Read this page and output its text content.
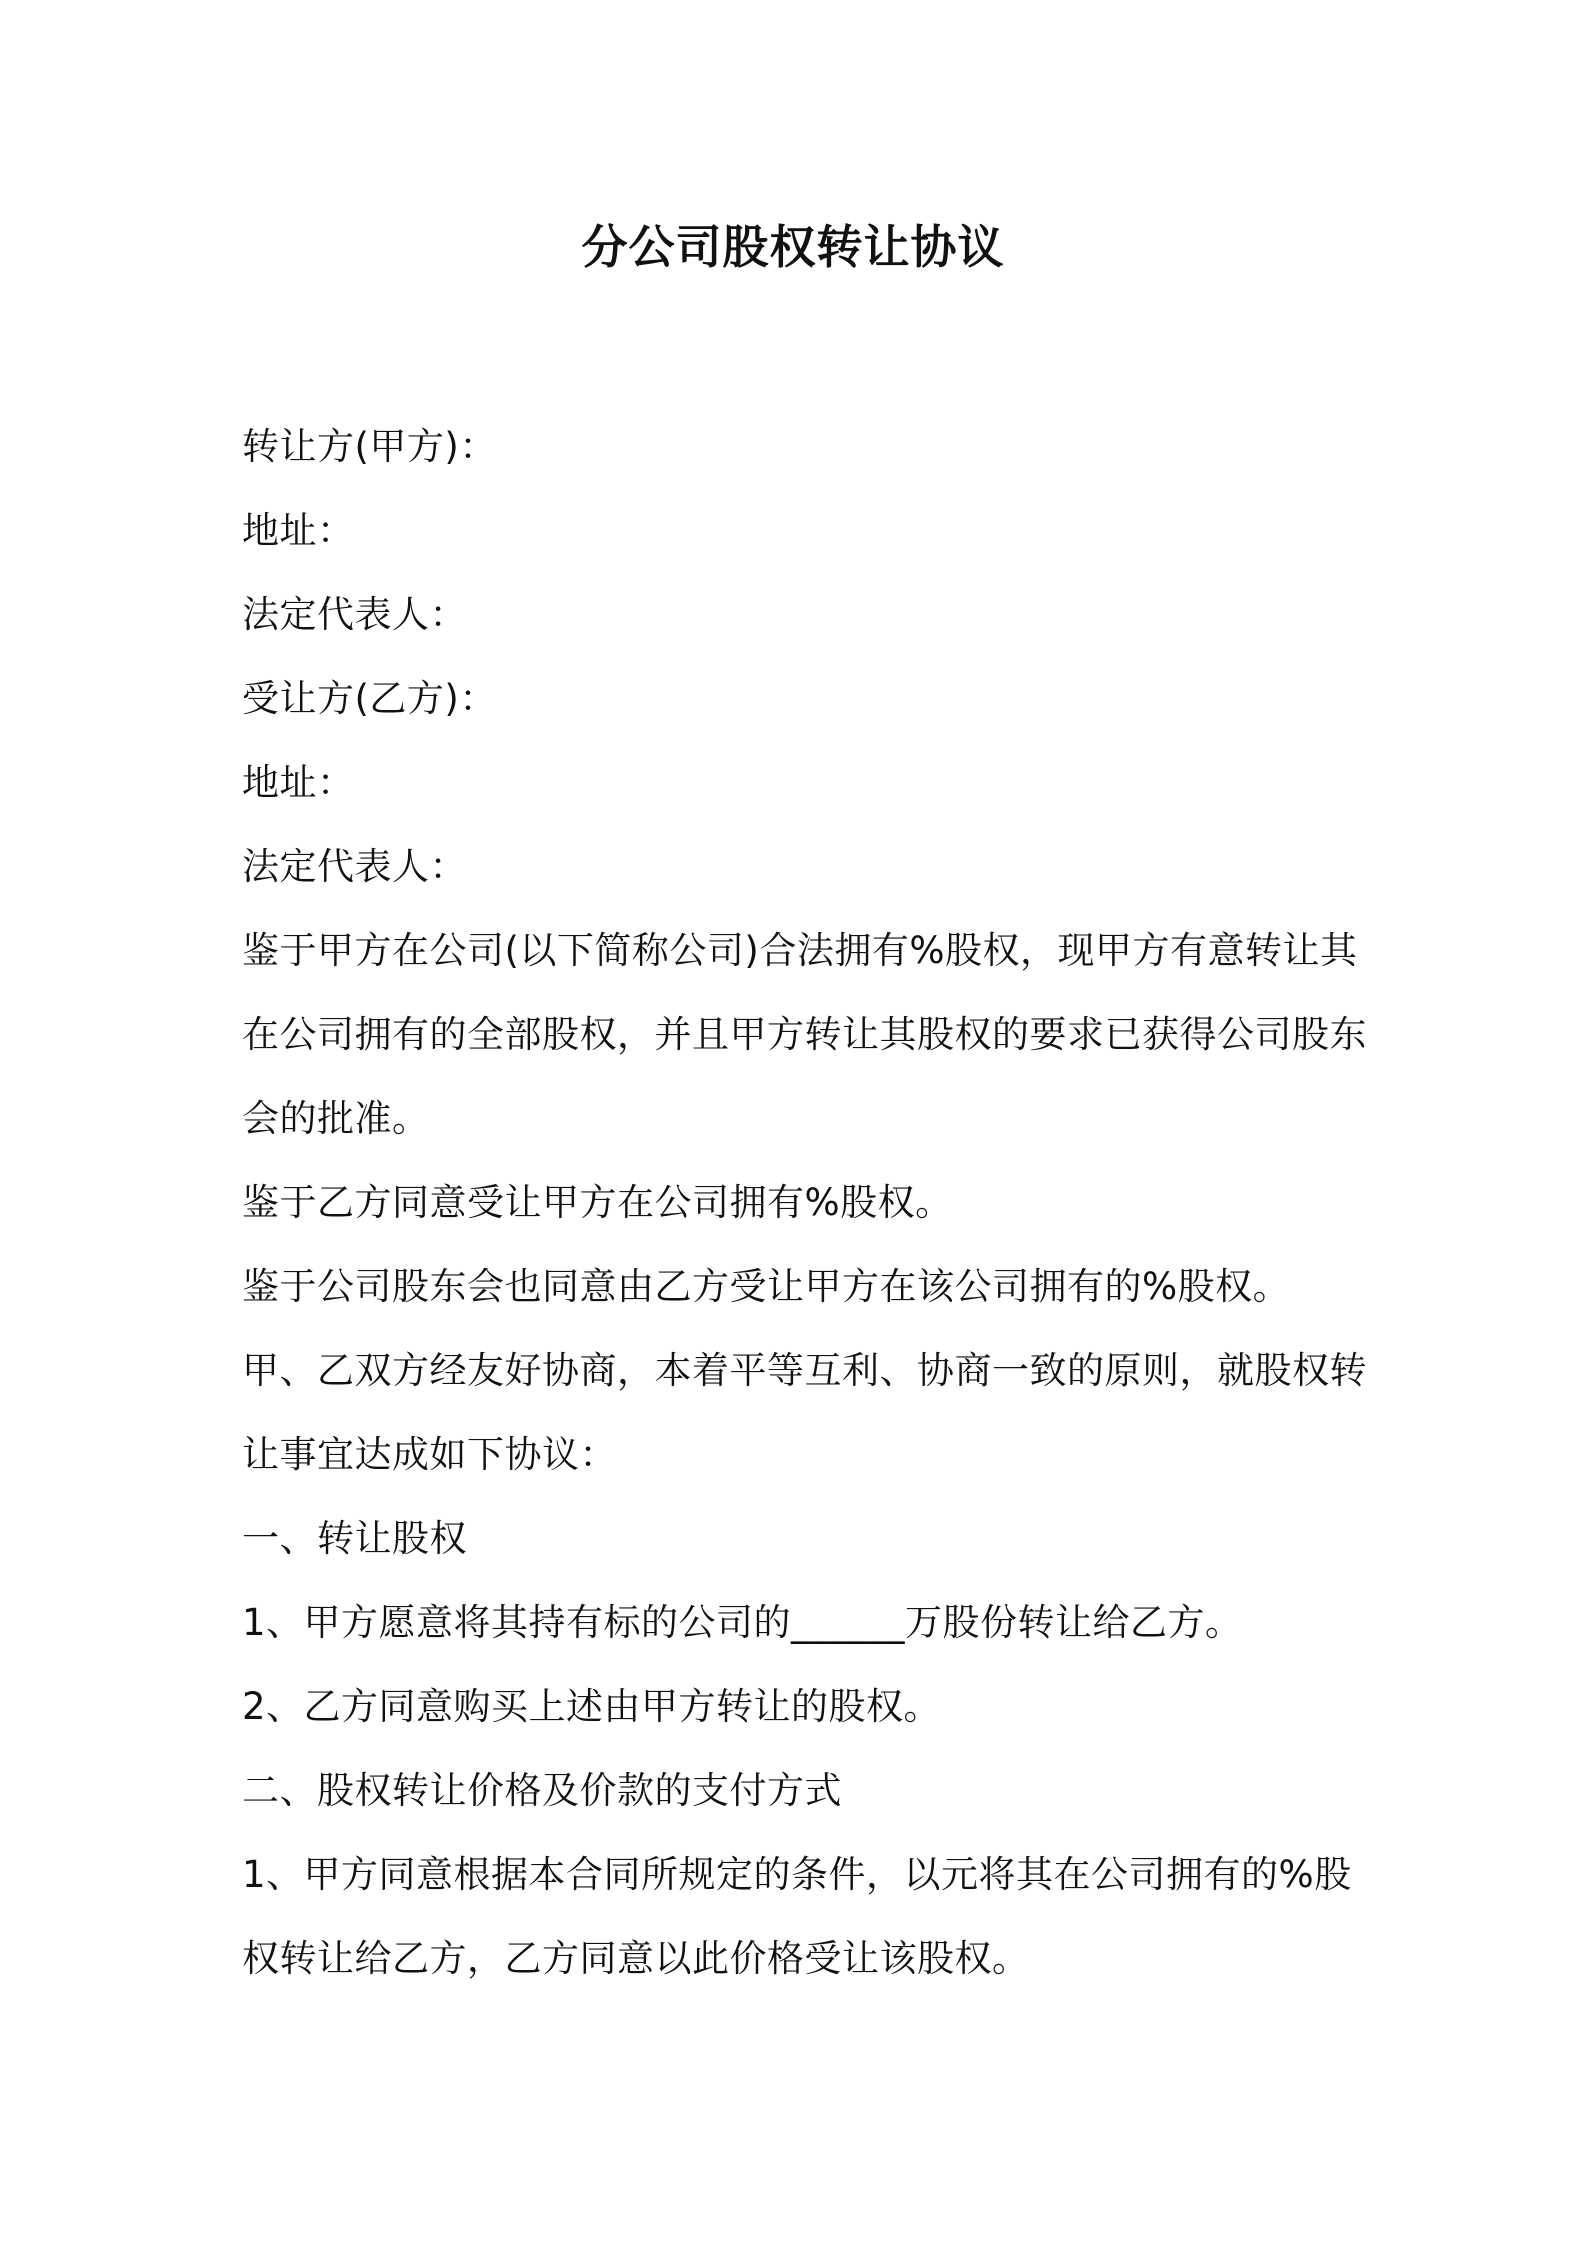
分公司股权转让协议
转让方(甲方)：
地址：
法定代表人：
受让方(乙方)：
地址：
法定代表人：
鉴于甲方在公司(以下简称公司)合法拥有%股权，现甲方有意转让其
在公司拥有的全部股权，并且甲方转让其股权的要求已获得公司股东
会的批准。
鉴于乙方同意受让甲方在公司拥有%股权。
鉴于公司股东会也同意由乙方受让甲方在该公司拥有的%股权。
甲、乙双方经友好协商，本着平等互利、协商一致的原则，就股权转
让事宜达成如下协议：
一、转让股权
1、甲方愿意将其持有标的公司的______万股份转让给乙方。
2、乙方同意购买上述由甲方转让的股权。
二、股权转让价格及价款的支付方式
1、甲方同意根据本合同所规定的条件，以元将其在公司拥有的%股
权转让给乙方，乙方同意以此价格受让该股权。
